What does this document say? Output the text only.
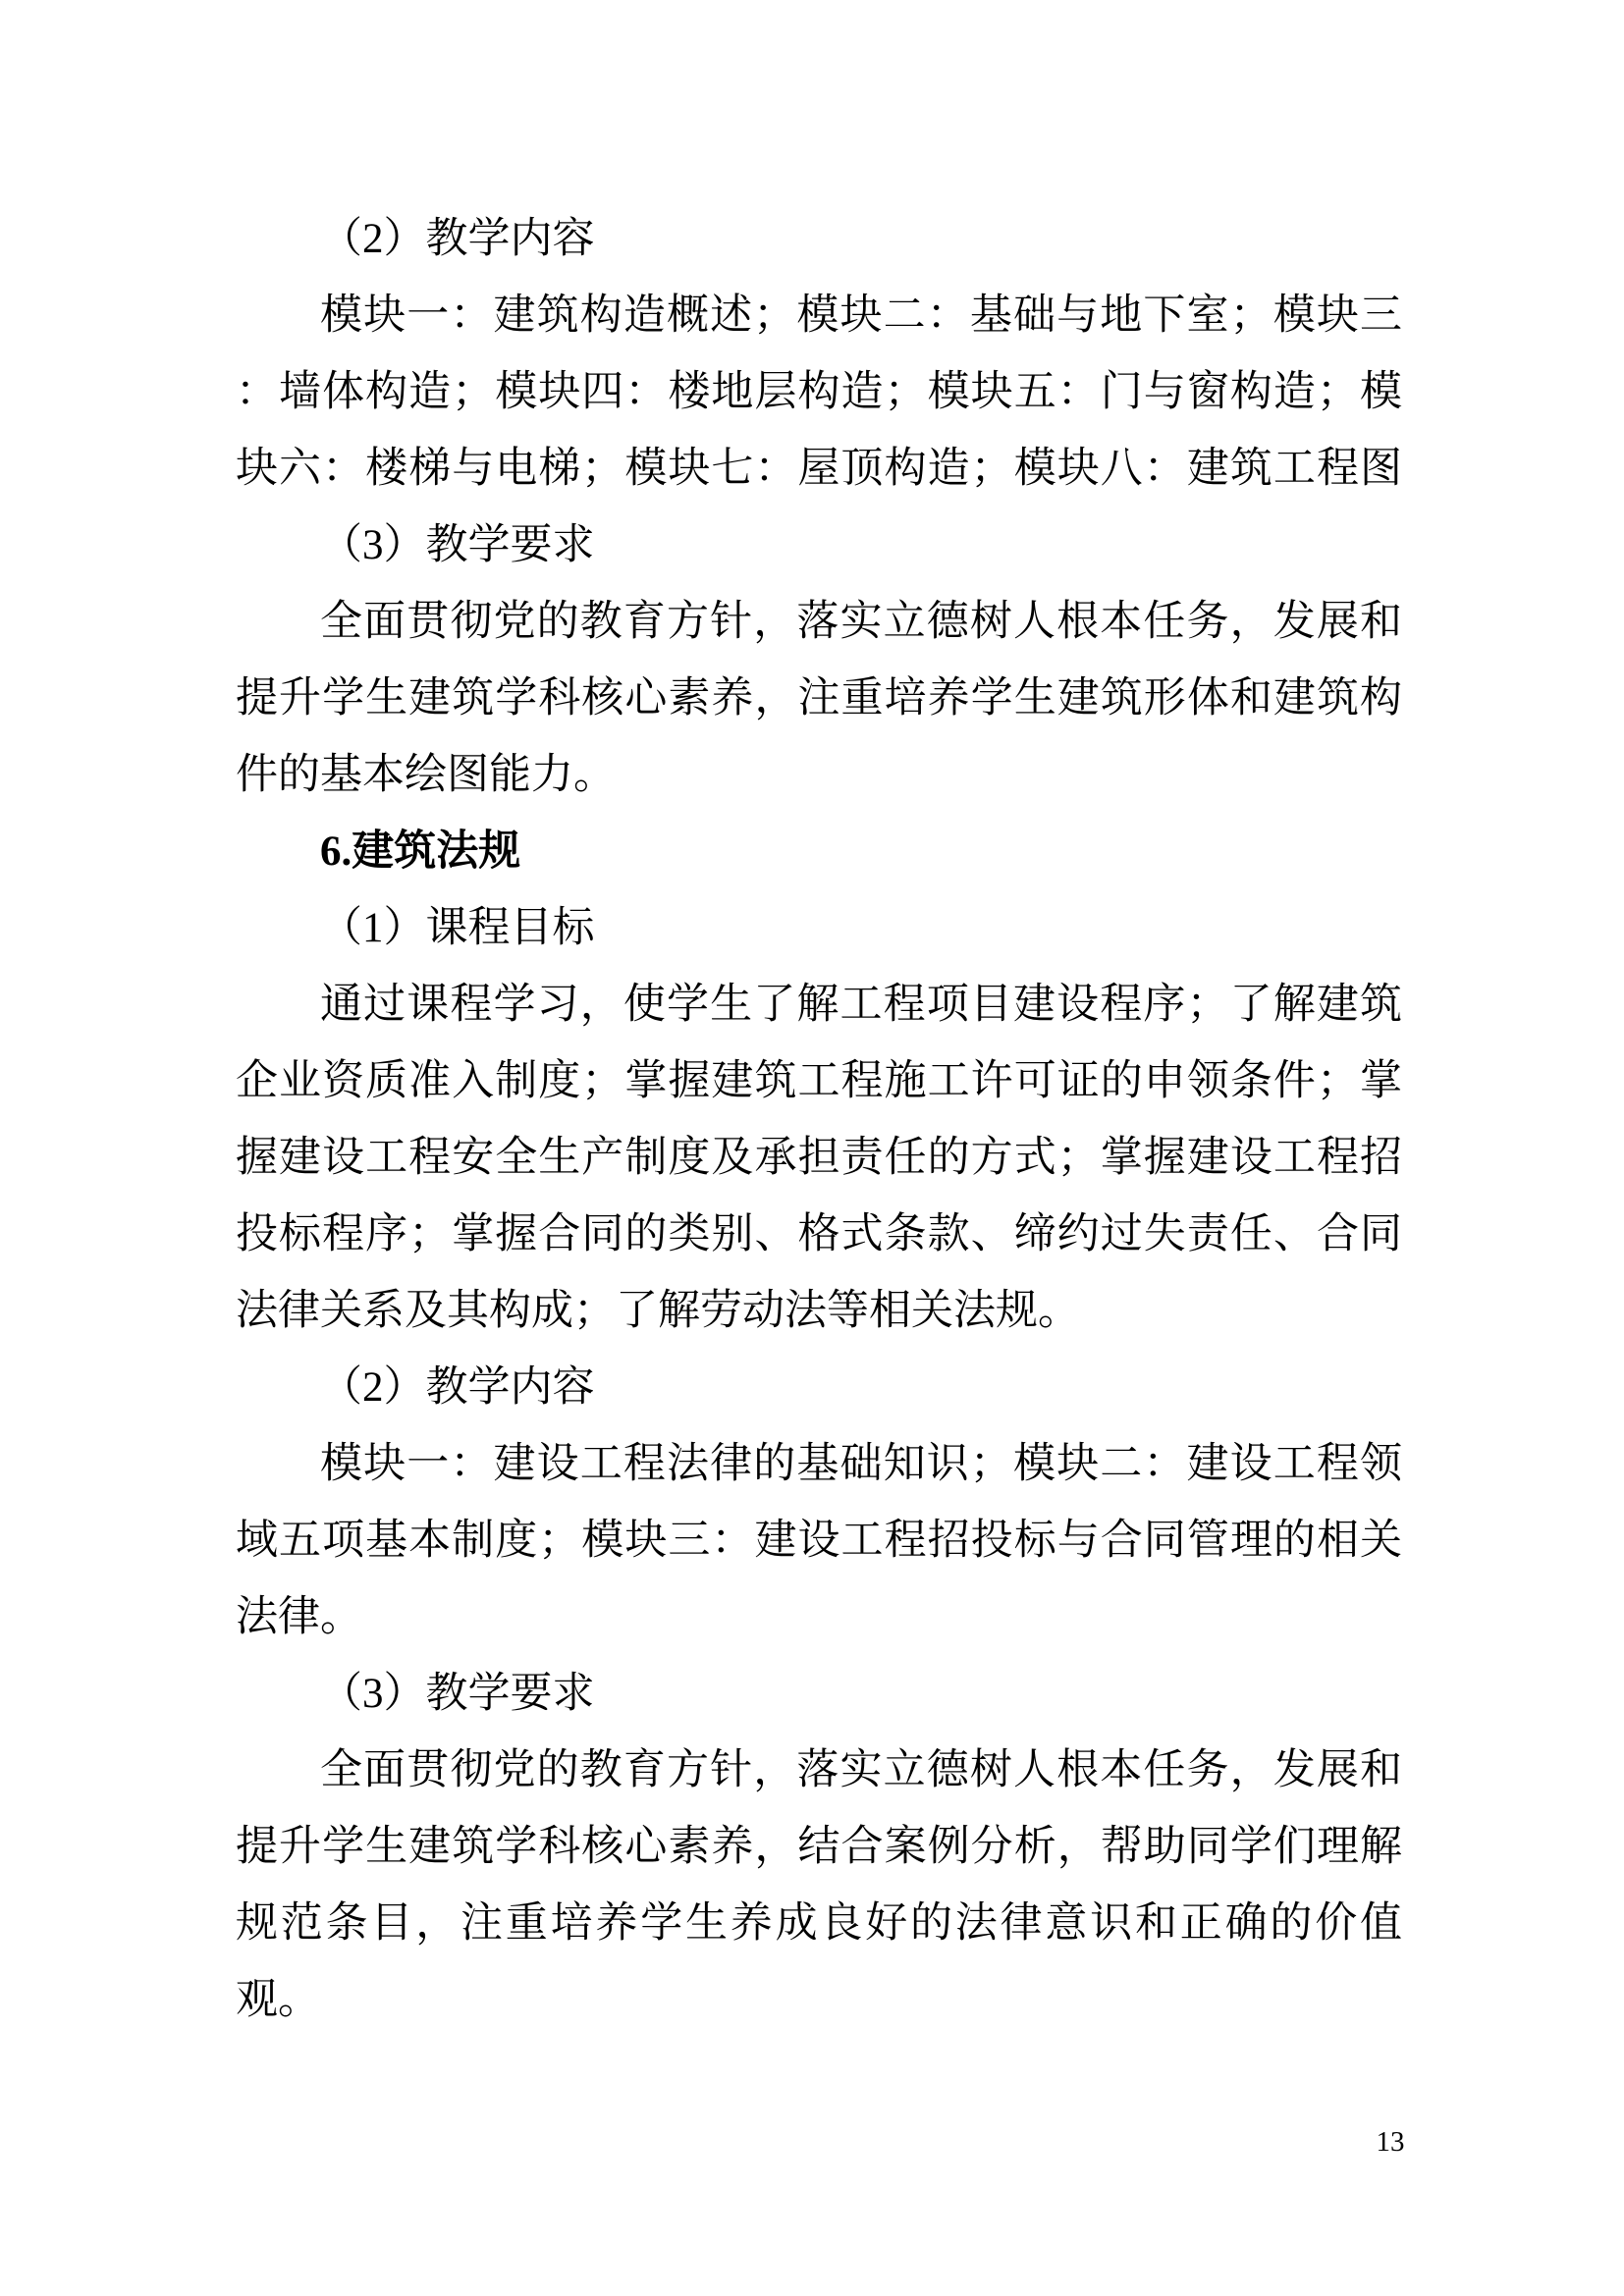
（2）教学内容
模块一：建筑构造概述；模块二：基础与地下室；模块三
：墙体构造；模块四：楼地层构造；模块五：门与窗构造；模
块六：楼梯与电梯；模块七：屋顶构造；模块八：建筑工程图
（3）教学要求
全面贯彻党的教育方针，落实立德树人根本任务，发展和
提升学生建筑学科核心素养，注重培养学生建筑形体和建筑构
件的基本绘图能力。
6.建筑法规
（1）课程目标
通过课程学习，使学生了解工程项目建设程序；了解建筑
企业资质准入制度；掌握建筑工程施工许可证的申领条件；掌
握建设工程安全生产制度及承担责任的方式；掌握建设工程招
投标程序；掌握合同的类别、格式条款、缔约过失责任、合同
法律关系及其构成；了解劳动法等相关法规。
（2）教学内容
模块一：建设工程法律的基础知识；模块二：建设工程领
域五项基本制度；模块三：建设工程招投标与合同管理的相关
法律。
（3）教学要求
全面贯彻党的教育方针，落实立德树人根本任务，发展和
提升学生建筑学科核心素养，结合案例分析，帮助同学们理解
规范条目，注重培养学生养成良好的法律意识和正确的价值
观。
13
